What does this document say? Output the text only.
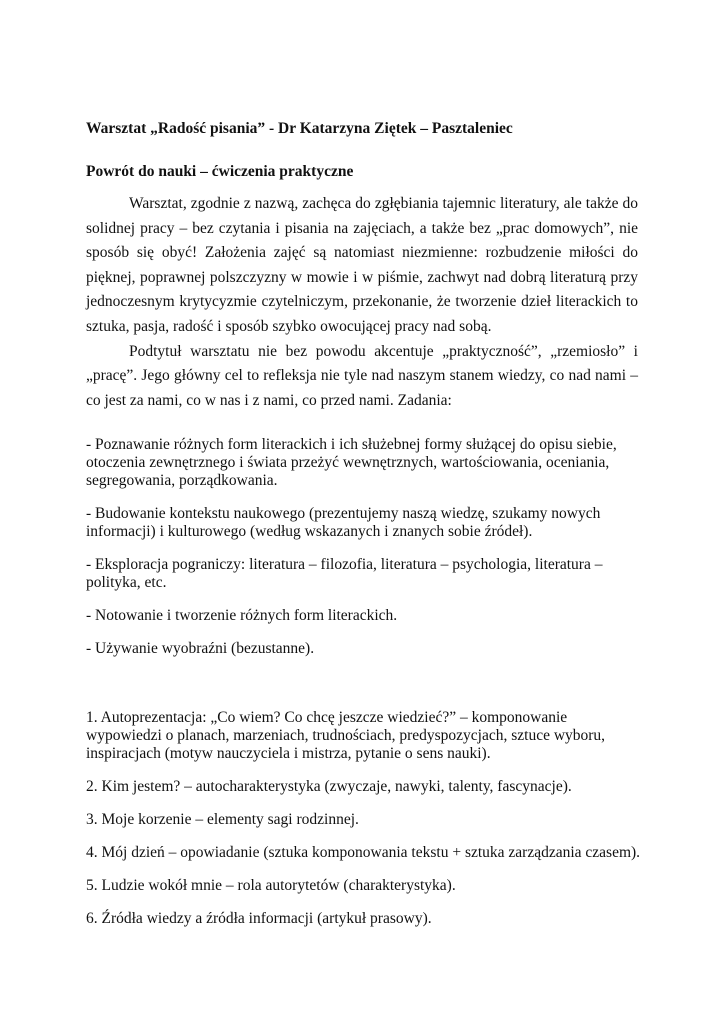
Warsztat „Radość pisania” - Dr Katarzyna Ziętek – Pasztaleniec
Powrót do nauki – ćwiczenia praktyczne

Warsztat, zgodnie z nazwą, zachęca do zgłębiania tajemnic literatury, ale także do solidnej pracy – bez czytania i pisania na zajęciach, a także bez „prac domowych”, nie sposób się obyć! Założenia zajęć są natomiast niezmienne: rozbudzenie miłości do pięknej, poprawnej polszczyzny w mowie i w piśmie, zachwyt nad dobrą literaturą przy jednoczesnym krytycyzmie czytelniczym, przekonanie, że tworzenie dzieł literackich to sztuka, pasja, radość i sposób szybko owocującej pracy nad sobą.

Podtytuł warsztatu nie bez powodu akcentuje „praktyczność”, „rzemiosło” i „pracę”. Jego główny cel to refleksja nie tyle nad naszym stanem wiedzy, co nad nami – co jest za nami, co w nas i z nami, co przed nami. Zadania:

- Poznawanie różnych form literackich i ich służebnej formy służącej do opisu siebie, otoczenia zewnętrznego i świata przeżyć wewnętrznych, wartościowania, oceniania, segregowania, porządkowania.

- Budowanie kontekstu naukowego (prezentujemy naszą wiedzę, szukamy nowych informacji) i kulturowego (według wskazanych i znanych sobie źródeł).

- Eksploracja pograniczy: literatura – filozofia, literatura – psychologia, literatura – polityka, etc.

- Notowanie i tworzenie różnych form literackich.

- Używanie wyobraźni (bezustanne).

1. Autoprezentacja: „Co wiem? Co chcę jeszcze wiedzieć?” – komponowanie wypowiedzi o planach, marzeniach, trudnościach, predyspozycjach, sztuce wyboru, inspiracjach (motyw nauczyciela i mistrza, pytanie o sens nauki).

2. Kim jestem? – autocharakterystyka (zwyczaje, nawyki, talenty, fascynacje).

3. Moje korzenie – elementy sagi rodzinnej.

4. Mój dzień – opowiadanie (sztuka komponowania tekstu + sztuka zarządzania czasem).

5. Ludzie wokół mnie – rola autorytetów (charakterystyka).

6. Źródła wiedzy a źródła informacji (artykuł prasowy).
